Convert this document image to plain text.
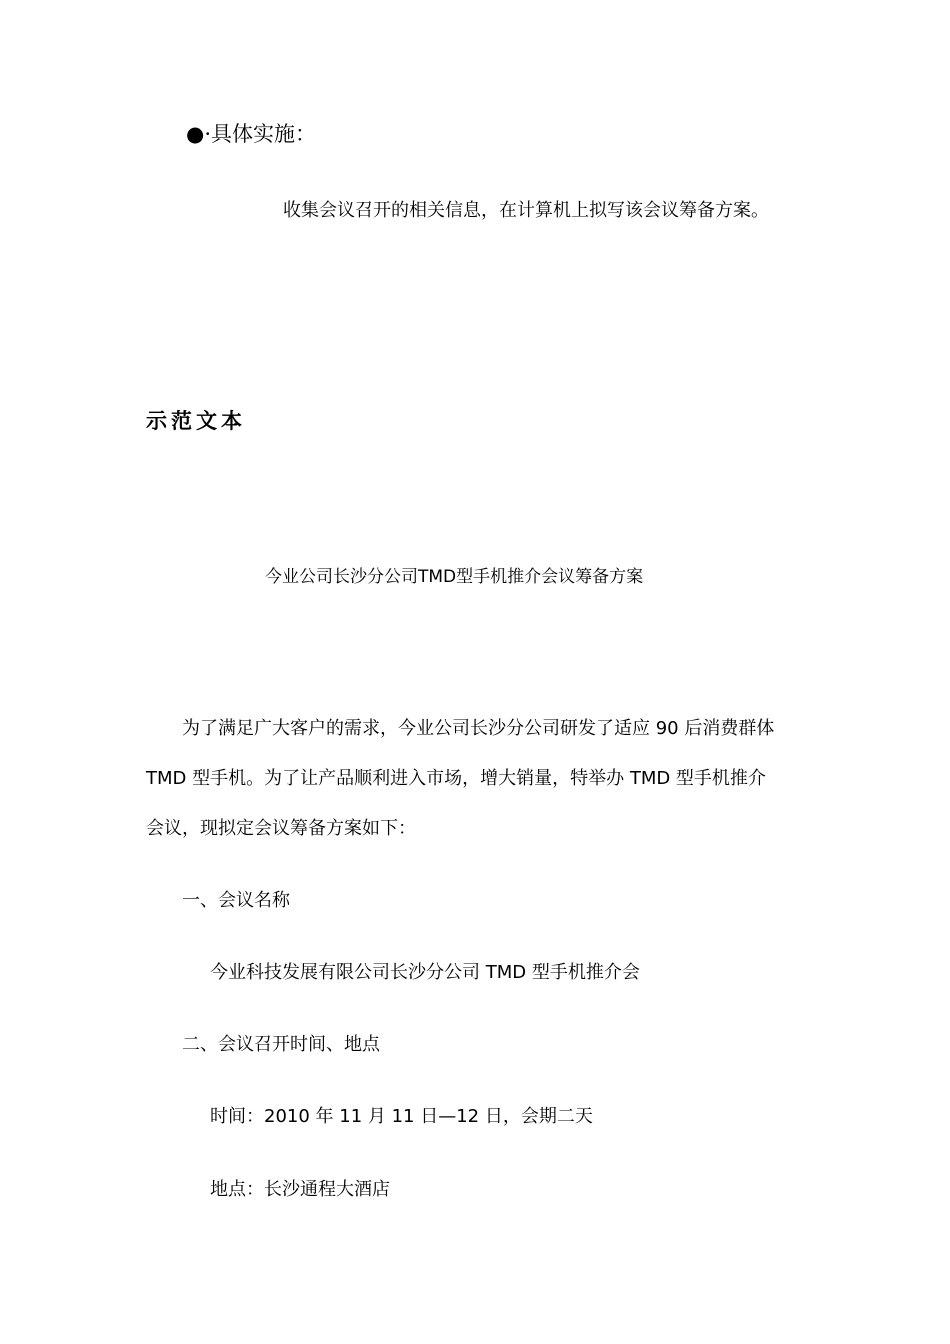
●·具体实施：
收集会议召开的相关信息，在计算机上拟写该会议筹备方案。
示范文本
今业公司长沙分公司TMD型手机推介会议筹备方案
为了满足广大客户的需求，今业公司长沙分公司研发了适应 90 后消费群体
TMD 型手机。为了让产品顺利进入市场，增大销量，特举办 TMD 型手机推介
会议，现拟定会议筹备方案如下：
一、会议名称
今业科技发展有限公司长沙分公司 TMD 型手机推介会
二、会议召开时间、地点
时间：2010 年 11 月 11 日—12 日，会期二天
地点：长沙通程大酒店
